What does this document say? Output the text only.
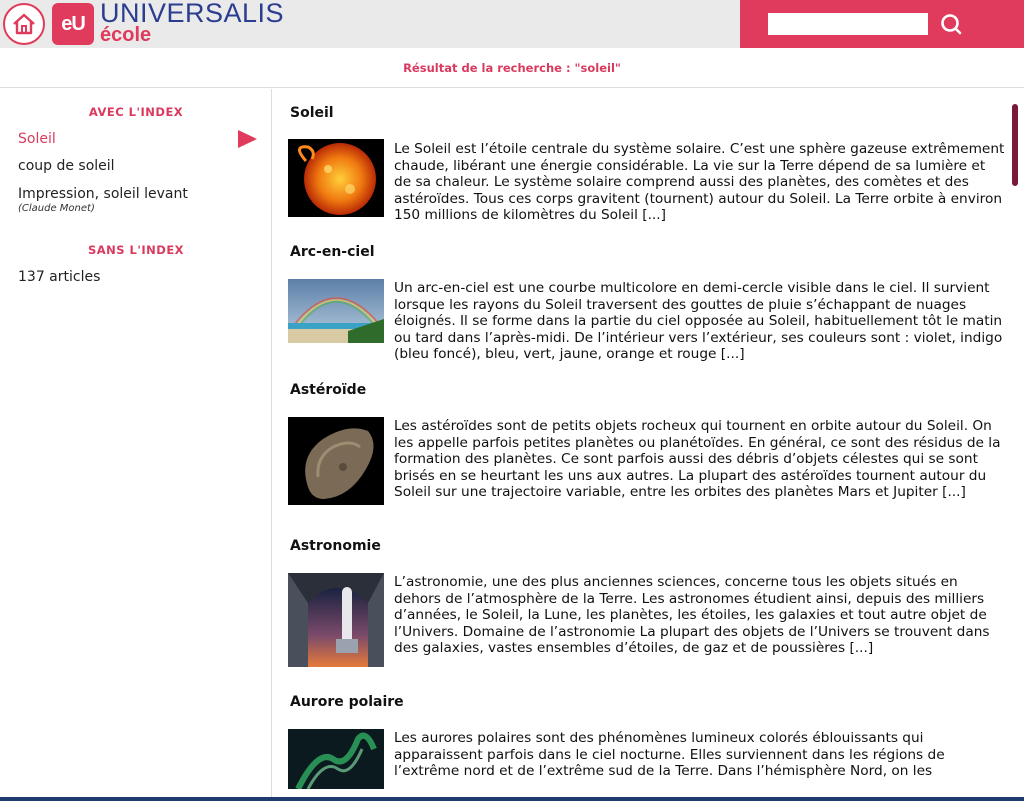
eU UNIVERSALIS
école
Résultat de la recherche : "soleil"
AVEC L'INDEX
Soleil
coup de soleil
Impression, soleil levant
(Claude Monet)
SANS L'INDEX
137 articles
Soleil
Le Soleil est l’étoile centrale du système solaire. C’est une sphère gazeuse extrêmement chaude, libérant une énergie considérable. La vie sur la Terre dépend de sa lumière et de sa chaleur. Le système solaire comprend aussi des planètes, des comètes et des astéroïdes. Tous ces corps gravitent (tournent) autour du Soleil. La Terre orbite à environ 150 millions de kilomètres du Soleil [...]
Arc-en-ciel
Un arc-en-ciel est une courbe multicolore en demi-cercle visible dans le ciel. Il survient lorsque les rayons du Soleil traversent des gouttes de pluie s’échappant de nuages éloignés. Il se forme dans la partie du ciel opposée au Soleil, habituellement tôt le matin ou tard dans l’après-midi. De l’intérieur vers l’extérieur, ses couleurs sont : violet, indigo (bleu foncé), bleu, vert, jaune, orange et rouge [...]
Astéroïde
Les astéroïdes sont de petits objets rocheux qui tournent en orbite autour du Soleil. On les appelle parfois petites planètes ou planétoïdes. En général, ce sont des résidus de la formation des planètes. Ce sont parfois aussi des débris d’objets célestes qui se sont brisés en se heurtant les uns aux autres. La plupart des astéroïdes tournent autour du Soleil sur une trajectoire variable, entre les orbites des planètes Mars et Jupiter [...]
Astronomie
L’astronomie, une des plus anciennes sciences, concerne tous les objets situés en dehors de l’atmosphère de la Terre. Les astronomes étudient ainsi, depuis des milliers d’années, le Soleil, la Lune, les planètes, les étoiles, les galaxies et tout autre objet de l’Univers. Domaine de l’astronomie La plupart des objets de l’Univers se trouvent dans des galaxies, vastes ensembles d’étoiles, de gaz et de poussières [...]
Aurore polaire
Les aurores polaires sont des phénomènes lumineux colorés éblouissants qui apparaissent parfois dans le ciel nocturne. Elles surviennent dans les régions de l’extrême nord et de l’extrême sud de la Terre. Dans l’hémisphère Nord, on les
